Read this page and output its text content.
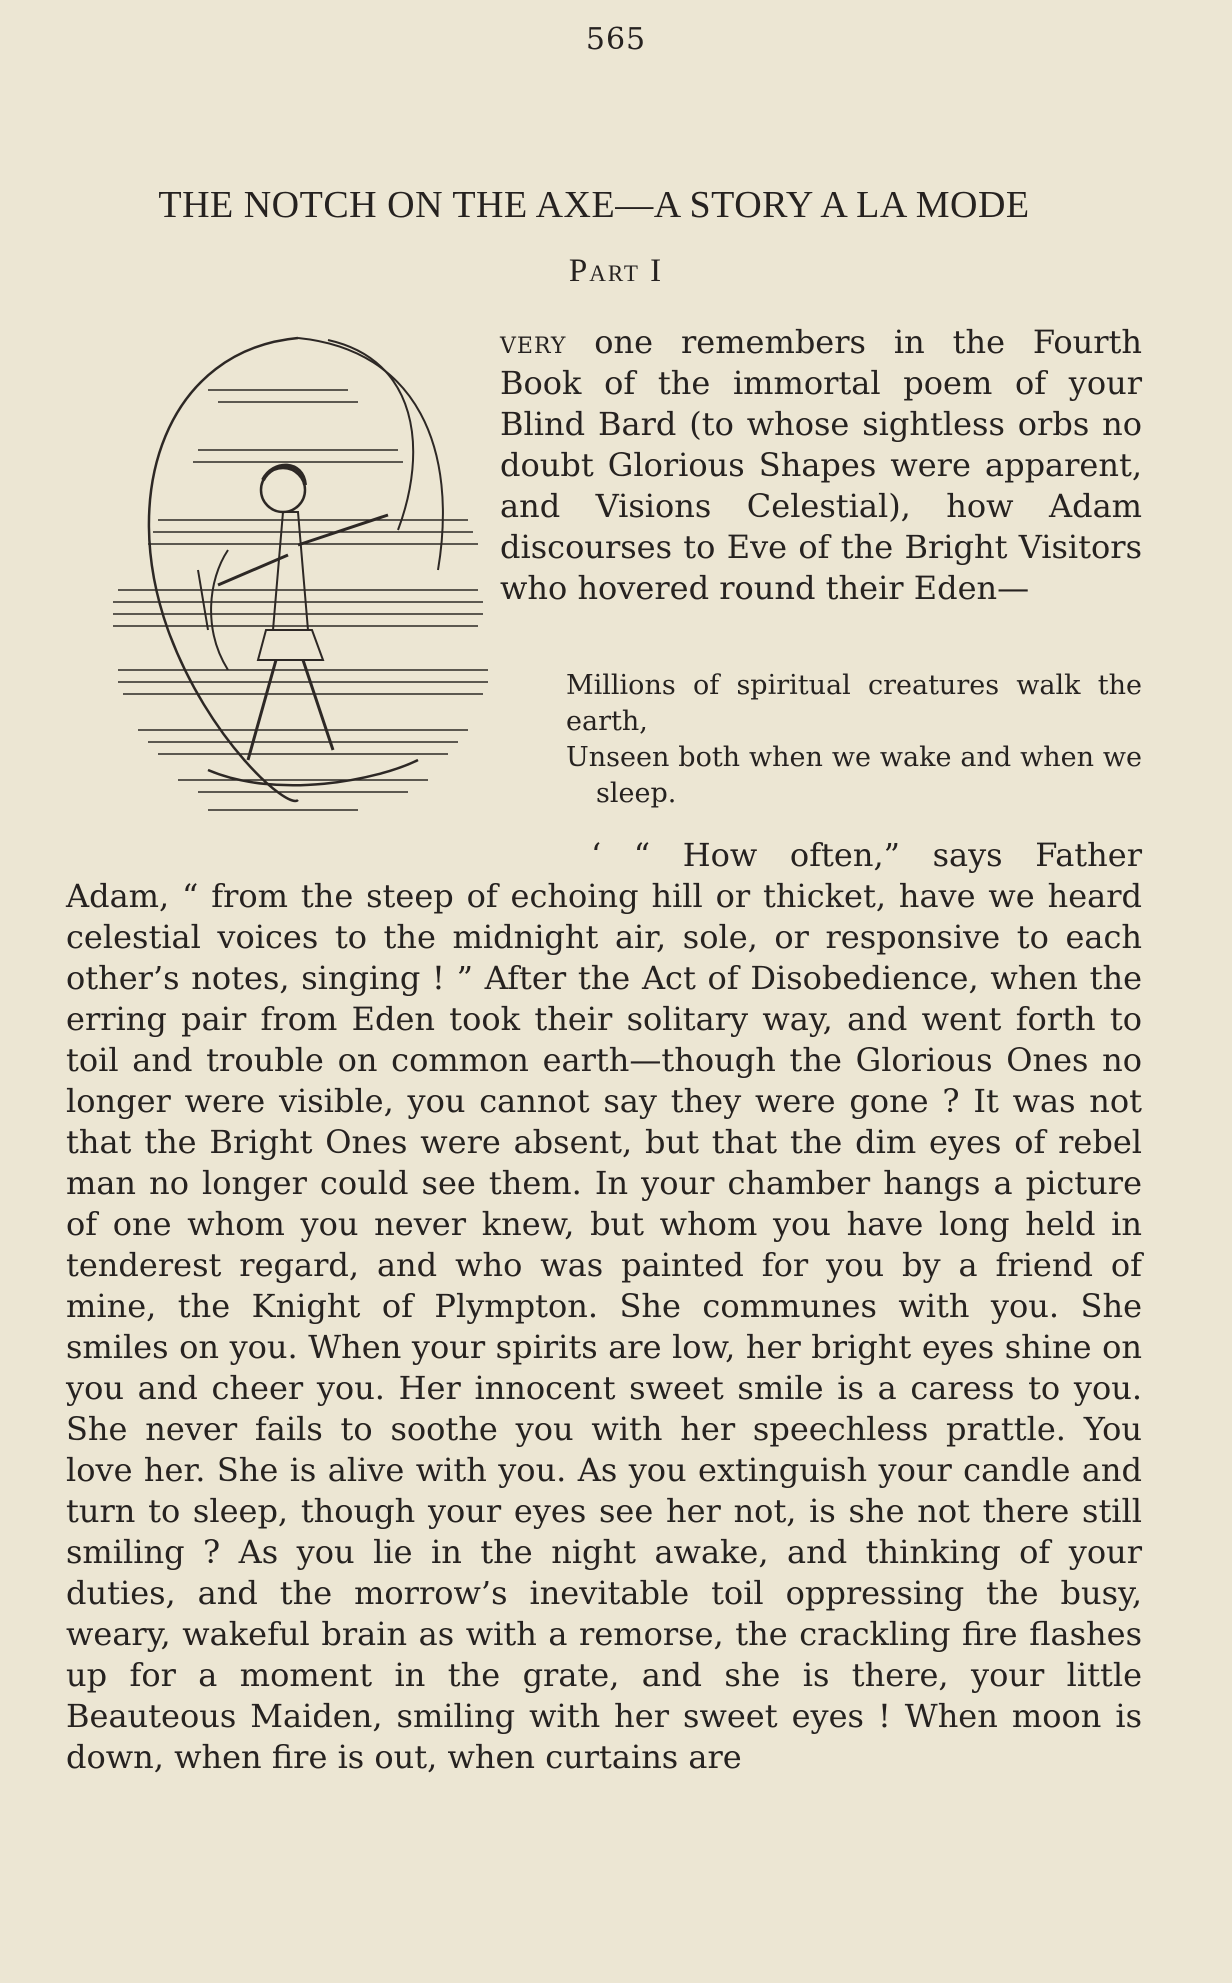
565
THE NOTCH ON THE AXE—A STORY A LA MODE
Part I

very one remembers in the Fourth Book of the immortal poem of your Blind Bard (to whose sightless orbs no doubt Glorious Shapes were apparent, and Visions Celestial), how Adam discourses to Eve of the Bright Visitors who hovered round their Eden—

Millions of spiritual creatures walk the earth,
Unseen both when we wake and when we sleep.

‘ “ How often,” says Father Adam, “ from the steep of echoing hill or thicket, have we heard celestial voices to the midnight air, sole, or responsive to each other’s notes, singing ! ” After the Act of Disobedience, when the erring pair from Eden took their solitary way, and went forth to toil and trouble on common earth—though the Glorious Ones no longer were visible, you cannot say they were gone ? It was not that the Bright Ones were absent, but that the dim eyes of rebel man no longer could see them. In your chamber hangs a picture of one whom you never knew, but whom you have long held in tenderest regard, and who was painted for you by a friend of mine, the Knight of Plympton. She communes with you. She smiles on you. When your spirits are low, her bright eyes shine on you and cheer you. Her innocent sweet smile is a caress to you. She never fails to soothe you with her speechless prattle. You love her. She is alive with you. As you extinguish your candle and turn to sleep, though your eyes see her not, is she not there still smiling ? As you lie in the night awake, and thinking of your duties, and the morrow’s inevitable toil oppressing the busy, weary, wakeful brain as with a remorse, the crackling fire flashes up for a moment in the grate, and she is there, your little Beauteous Maiden, smiling with her sweet eyes ! When moon is down, when fire is out, when curtains are
